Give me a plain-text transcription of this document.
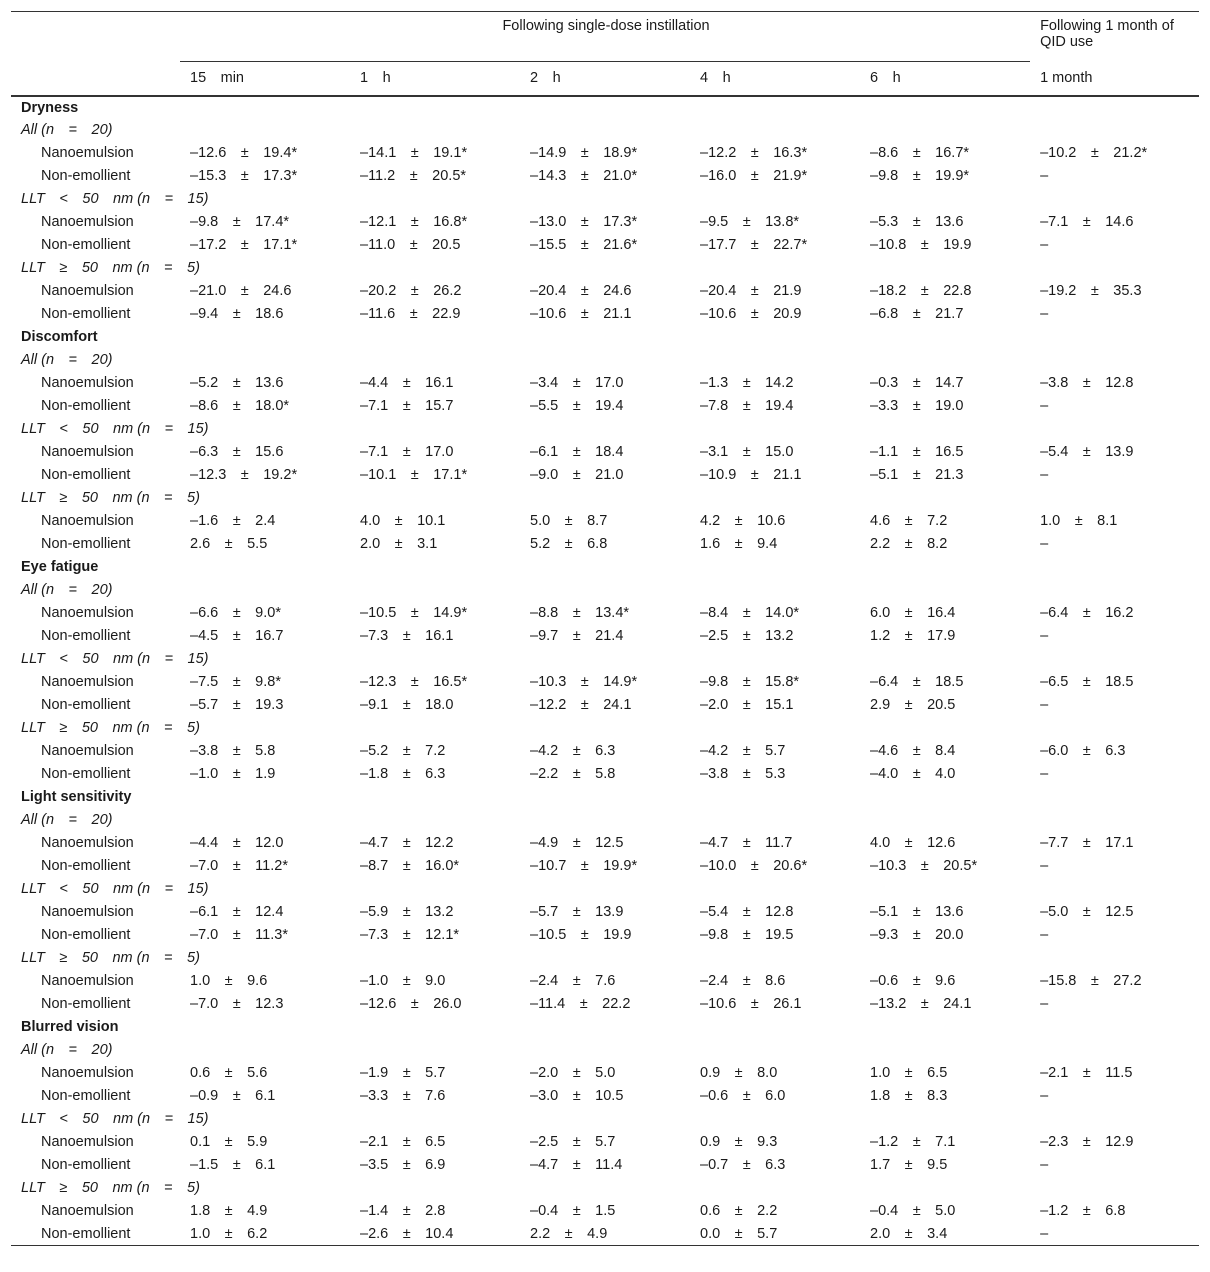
	Following single-dose instillation					Following 1 month of QID use
	15 min	1 h	2 h	4 h	6 h	1 month
Dryness						
All (n = 20)						
Nanoemulsion	–12.6 ± 19.4*	–14.1 ± 19.1*	–14.9 ± 18.9*	–12.2 ± 16.3*	–8.6 ± 16.7*	–10.2 ± 21.2*
Non-emollient	–15.3 ± 17.3*	–11.2 ± 20.5*	–14.3 ± 21.0*	–16.0 ± 21.9*	–9.8 ± 19.9*	–
LLT < 50 nm (n = 15)						
Nanoemulsion	–9.8 ± 17.4*	–12.1 ± 16.8*	–13.0 ± 17.3*	–9.5 ± 13.8*	–5.3 ± 13.6	–7.1 ± 14.6
Non-emollient	–17.2 ± 17.1*	–11.0 ± 20.5	–15.5 ± 21.6*	–17.7 ± 22.7*	–10.8 ± 19.9	–
LLT ≥ 50 nm (n = 5)						
Nanoemulsion	–21.0 ± 24.6	–20.2 ± 26.2	–20.4 ± 24.6	–20.4 ± 21.9	–18.2 ± 22.8	–19.2 ± 35.3
Non-emollient	–9.4 ± 18.6	–11.6 ± 22.9	–10.6 ± 21.1	–10.6 ± 20.9	–6.8 ± 21.7	–
Discomfort						
All (n = 20)						
Nanoemulsion	–5.2 ± 13.6	–4.4 ± 16.1	–3.4 ± 17.0	–1.3 ± 14.2	–0.3 ± 14.7	–3.8 ± 12.8
Non-emollient	–8.6 ± 18.0*	–7.1 ± 15.7	–5.5 ± 19.4	–7.8 ± 19.4	–3.3 ± 19.0	–
LLT < 50 nm (n = 15)						
Nanoemulsion	–6.3 ± 15.6	–7.1 ± 17.0	–6.1 ± 18.4	–3.1 ± 15.0	–1.1 ± 16.5	–5.4 ± 13.9
Non-emollient	–12.3 ± 19.2*	–10.1 ± 17.1*	–9.0 ± 21.0	–10.9 ± 21.1	–5.1 ± 21.3	–
LLT ≥ 50 nm (n = 5)						
Nanoemulsion	–1.6 ± 2.4	4.0 ± 10.1	5.0 ± 8.7	4.2 ± 10.6	4.6 ± 7.2	1.0 ± 8.1
Non-emollient	2.6 ± 5.5	2.0 ± 3.1	5.2 ± 6.8	1.6 ± 9.4	2.2 ± 8.2	–
Eye fatigue						
All (n = 20)						
Nanoemulsion	–6.6 ± 9.0*	–10.5 ± 14.9*	–8.8 ± 13.4*	–8.4 ± 14.0*	6.0 ± 16.4	–6.4 ± 16.2
Non-emollient	–4.5 ± 16.7	–7.3 ± 16.1	–9.7 ± 21.4	–2.5 ± 13.2	1.2 ± 17.9	–
LLT < 50 nm (n = 15)						
Nanoemulsion	–7.5 ± 9.8*	–12.3 ± 16.5*	–10.3 ± 14.9*	–9.8 ± 15.8*	–6.4 ± 18.5	–6.5 ± 18.5
Non-emollient	–5.7 ± 19.3	–9.1 ± 18.0	–12.2 ± 24.1	–2.0 ± 15.1	2.9 ± 20.5	–
LLT ≥ 50 nm (n = 5)						
Nanoemulsion	–3.8 ± 5.8	–5.2 ± 7.2	–4.2 ± 6.3	–4.2 ± 5.7	–4.6 ± 8.4	–6.0 ± 6.3
Non-emollient	–1.0 ± 1.9	–1.8 ± 6.3	–2.2 ± 5.8	–3.8 ± 5.3	–4.0 ± 4.0	–
Light sensitivity						
All (n = 20)						
Nanoemulsion	–4.4 ± 12.0	–4.7 ± 12.2	–4.9 ± 12.5	–4.7 ± 11.7	4.0 ± 12.6	–7.7 ± 17.1
Non-emollient	–7.0 ± 11.2*	–8.7 ± 16.0*	–10.7 ± 19.9*	–10.0 ± 20.6*	–10.3 ± 20.5*	–
LLT < 50 nm (n = 15)						
Nanoemulsion	–6.1 ± 12.4	–5.9 ± 13.2	–5.7 ± 13.9	–5.4 ± 12.8	–5.1 ± 13.6	–5.0 ± 12.5
Non-emollient	–7.0 ± 11.3*	–7.3 ± 12.1*	–10.5 ± 19.9	–9.8 ± 19.5	–9.3 ± 20.0	–
LLT ≥ 50 nm (n = 5)						
Nanoemulsion	1.0 ± 9.6	–1.0 ± 9.0	–2.4 ± 7.6	–2.4 ± 8.6	–0.6 ± 9.6	–15.8 ± 27.2
Non-emollient	–7.0 ± 12.3	–12.6 ± 26.0	–11.4 ± 22.2	–10.6 ± 26.1	–13.2 ± 24.1	–
Blurred vision						
All (n = 20)						
Nanoemulsion	0.6 ± 5.6	–1.9 ± 5.7	–2.0 ± 5.0	0.9 ± 8.0	1.0 ± 6.5	–2.1 ± 11.5
Non-emollient	–0.9 ± 6.1	–3.3 ± 7.6	–3.0 ± 10.5	–0.6 ± 6.0	1.8 ± 8.3	–
LLT < 50 nm (n = 15)						
Nanoemulsion	0.1 ± 5.9	–2.1 ± 6.5	–2.5 ± 5.7	0.9 ± 9.3	–1.2 ± 7.1	–2.3 ± 12.9
Non-emollient	–1.5 ± 6.1	–3.5 ± 6.9	–4.7 ± 11.4	–0.7 ± 6.3	1.7 ± 9.5	–
LLT ≥ 50 nm (n = 5)						
Nanoemulsion	1.8 ± 4.9	–1.4 ± 2.8	–0.4 ± 1.5	0.6 ± 2.2	–0.4 ± 5.0	–1.2 ± 6.8
Non-emollient	1.0 ± 6.2	–2.6 ± 10.4	2.2 ± 4.9	0.0 ± 5.7	2.0 ± 3.4	–
